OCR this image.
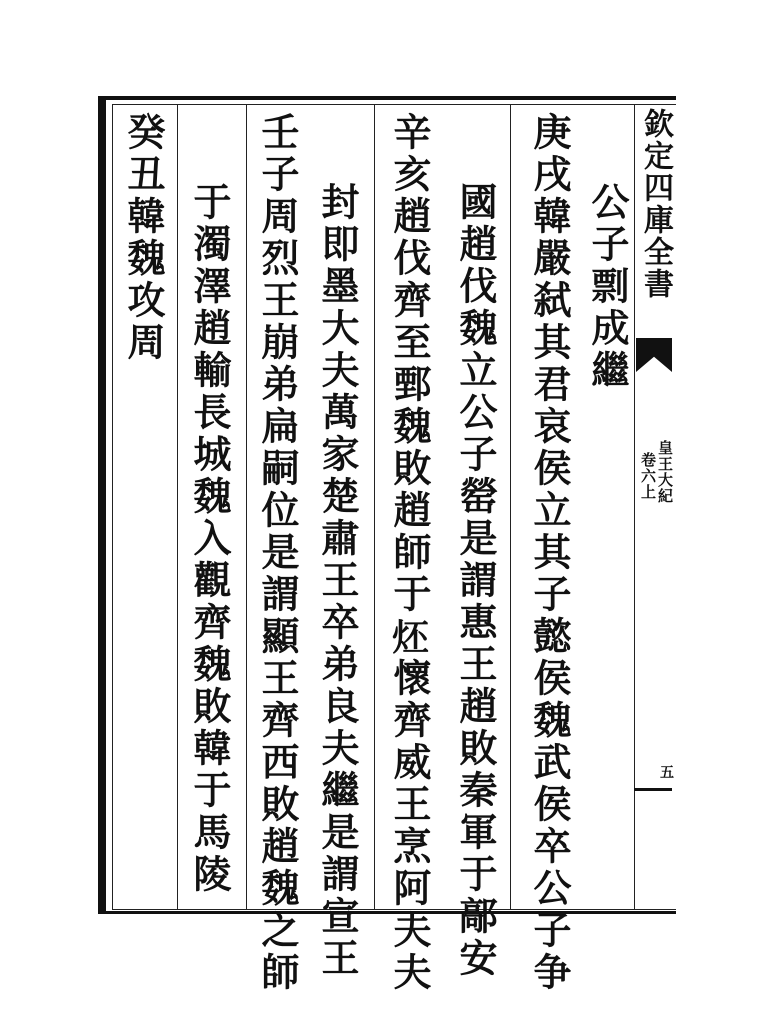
庚戌韓嚴弑其君哀侯立其子懿侯魏武侯卒公子争
國趙伐魏立公子罃是謂惠王趙敗秦軍于鄗安 公子剽成繼
辛亥趙伐齊至鄄魏敗趙師于𤇨懷齊威王烹阿夫夫
封即墨大夫萬家楚肅王卒弟良夫繼是謂宣王
壬子周烈王崩弟扁嗣位是謂顯王齊西敗趙魏之師
于濁澤趙輸長城魏入觀齊魏敗韓于馬陵
癸丑韓魏攻周	欽定四庫全書
皇王大紀
卷六上
五
